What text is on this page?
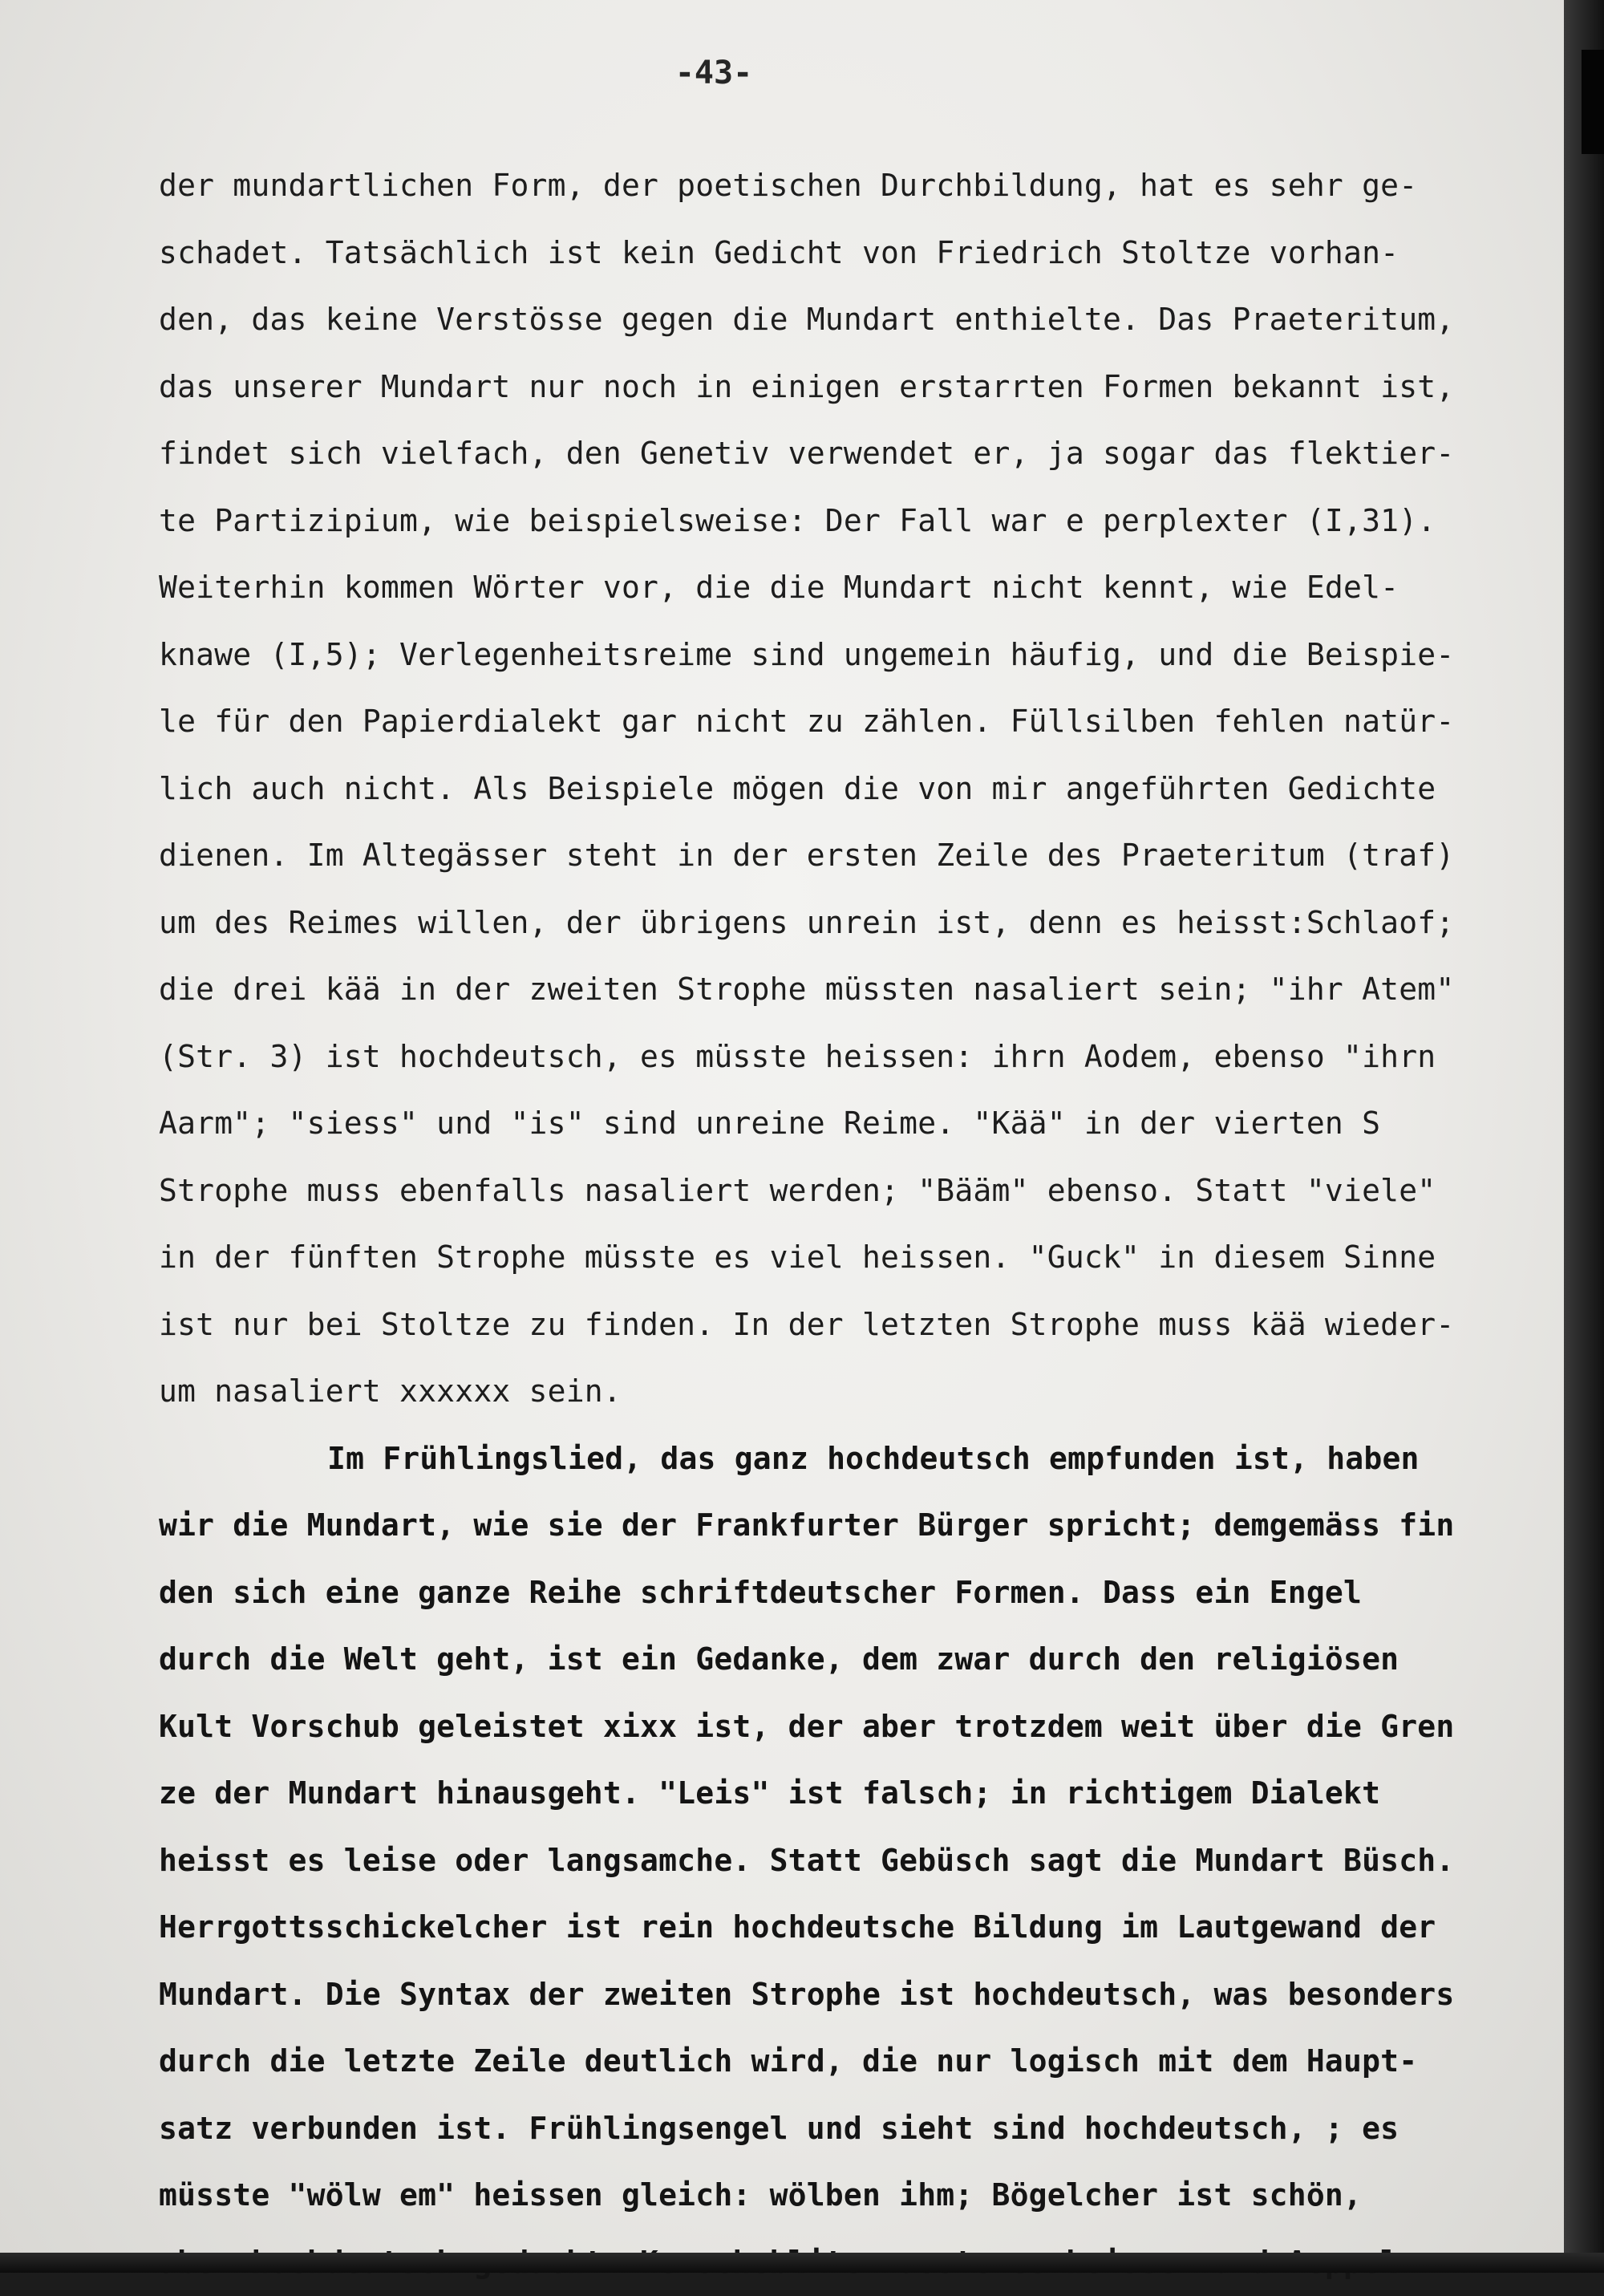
-43-
der mundartlichen Form, der poetischen Durchbildung, hat es sehr ge-
schadet. Tatsächlich ist kein Gedicht von Friedrich Stoltze vorhan-
den, das keine Verstösse gegen die Mundart enthielte. Das Praeteritum,
das unserer Mundart nur noch in einigen erstarrten Formen bekannt ist,
findet sich vielfach, den Genetiv verwendet er, ja sogar das flektier-
te Partizipium, wie beispielsweise: Der Fall war e perplexter (I,31).
Weiterhin kommen Wörter vor, die die Mundart nicht kennt, wie Edel-
knawe (I,5); Verlegenheitsreime sind ungemein häufig, und die Beispie-
le für den Papierdialekt gar nicht zu zählen. Füllsilben fehlen natür-
lich auch nicht. Als Beispiele mögen die von mir angeführten Gedichte
dienen. Im Altegässer steht in der ersten Zeile des Praeteritum (traf)
um des Reimes willen, der übrigens unrein ist, denn es heisst:Schlaof;
die drei kää in der zweiten Strophe müssten nasaliert sein; "ihr Atem"
(Str. 3) ist hochdeutsch, es müsste heissen: ihrn Aodem, ebenso "ihrn
Aarm"; "siess" und "is" sind unreine Reime. "Kää" in der vierten S
Strophe muss ebenfalls nasaliert werden; "Bääm" ebenso. Statt "viele"
in der fünften Strophe müsste es viel heissen. "Guck" in diesem Sinne
ist nur bei Stoltze zu finden. In der letzten Strophe muss kää wieder-
um nasaliert xxxxxx sein.
Im Frühlingslied, das ganz hochdeutsch empfunden ist, haben
wir die Mundart, wie sie der Frankfurter Bürger spricht; demgemäss fin
den sich eine ganze Reihe schriftdeutscher Formen. Dass ein Engel
durch die Welt geht, ist ein Gedanke, dem zwar durch den religiösen
Kult Vorschub geleistet xixx ist, der aber trotzdem weit über die Gren
ze der Mundart hinausgeht. "Leis" ist falsch; in richtigem Dialekt
heisst es leise oder langsamche. Statt Gebüsch sagt die Mundart Büsch.
Herrgottsschickelcher ist rein hochdeutsche Bildung im Lautgewand der
Mundart. Die Syntax der zweiten Strophe ist hochdeutsch, was besonders
durch die letzte Zeile deutlich wird, die nur logisch mit dem Haupt-
satz verbunden ist. Frühlingsengel und sieht sind hochdeutsch, ; es
müsste "wölw em" heissen gleich: wölben ihm; Bögelcher ist schön,
